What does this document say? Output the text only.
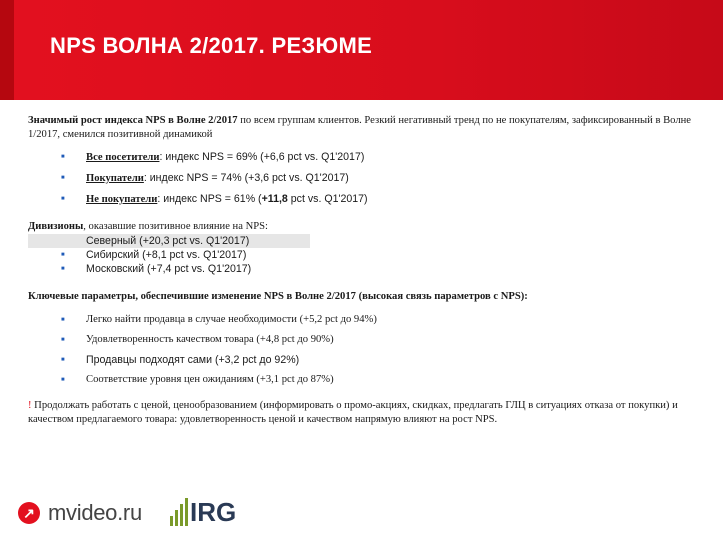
NPS ВОЛНА 2/2017. РЕЗЮМЕ

Значимый рост индекса NPS в Волне 2/2017 по всем группам клиентов. Резкий негативный тренд по не покупателям, зафиксированный в Волне 1/2017, сменился позитивной динамикой

■ Все посетители: индекс NPS = 69% (+6,6 pct vs. Q1'2017)
■ Покупатели: индекс NPS = 74% (+3,6 pct vs. Q1'2017)
■ Не покупатели: индекс NPS = 61% (+11,8 pct vs. Q1'2017)

Дивизионы, оказавшие позитивное влияние на NPS:

■ Северный (+20,3 pct vs. Q1'2017)
■ Сибирский (+8,1 pct vs. Q1'2017)
■ Московский (+7,4 pct vs. Q1'2017)

Ключевые параметры, обеспечившие изменение NPS в Волне 2/2017 (высокая связь параметров с NPS):

■ Легко найти продавца в случае необходимости (+5,2 pct до 94%)
■ Удовлетворенность качеством товара (+4,8 pct до 90%)
■ Продавцы подходят сами (+3,2 pct до 92%)
■ Соответствие уровня цен ожиданиям (+3,1 pct до 87%)

! Продолжать работать с ценой, ценообразованием (информировать о промо-акциях, скидках, предлагать ГЛЦ в ситуациях отказа от покупки) и качеством предлагаемого товара: удовлетворенность ценой и качеством напрямую влияют на рост NPS.

↗ mvideo.ru IRG
